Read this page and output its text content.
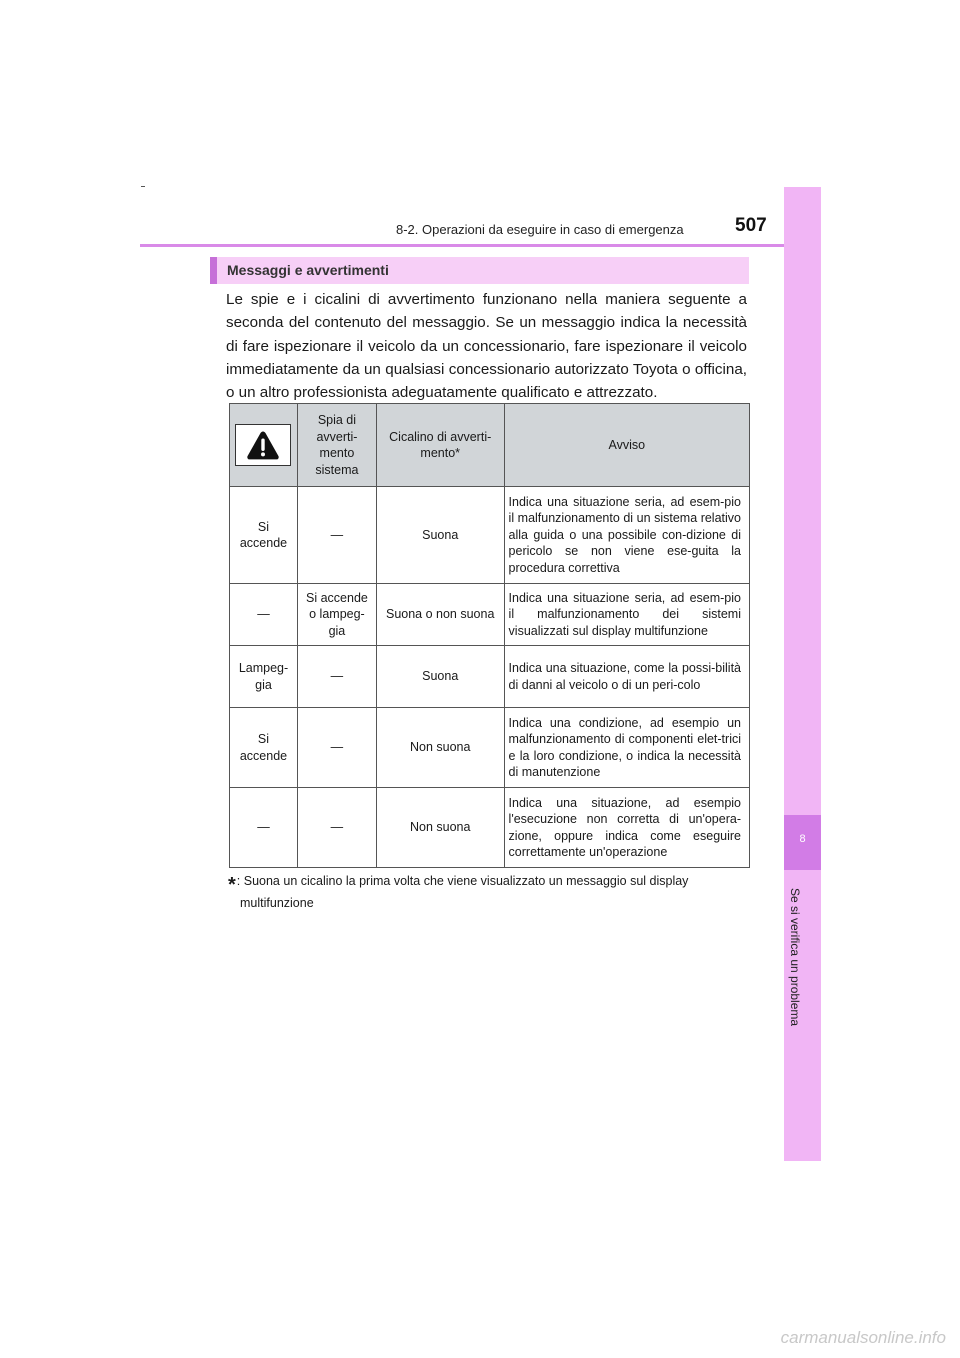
8-2. Operazioni da eseguire in caso di emergenza	507
8
Se si verifica un problema
Messaggi e avvertimenti
Le spie e i cicalini di avvertimento funzionano nella maniera seguente a seconda del contenuto del messaggio. Se un messaggio indica la necessità di fare ispezionare il veicolo da un concessionario, fare ispezionare il veicolo immediatamente da un qualsiasi concessionario autorizzato Toyota o officina, o un altro professionista adeguatamente qualificato e attrezzato.
	Spia di avverti-mento sistema	Cicalino di avverti-mento*	Avviso
Si accende	—	Suona	Indica una situazione seria, ad esem-pio il malfunzionamento di un sistema relativo alla guida o una possibile con-dizione di pericolo se non viene ese-guita la procedura correttiva
—	Si accende o lampeg-gia	Suona o non suona	Indica una situazione seria, ad esem-pio il malfunzionamento dei sistemi visualizzati sul display multifunzione
Lampeg-gia	—	Suona	Indica una situazione, come la possi-bilità di danni al veicolo o di un peri-colo
Si accende	—	Non suona	Indica una condizione, ad esempio un malfunzionamento di componenti elet-trici e la loro condizione, o indica la necessità di manutenzione
—	—	Non suona	Indica una situazione, ad esempio l'esecuzione non corretta di un'opera-zione, oppure indica come eseguire correttamente un'operazione
*: Suona un cicalino la prima volta che viene visualizzato un messaggio sul display
multifunzione
carmanualsonline.info
